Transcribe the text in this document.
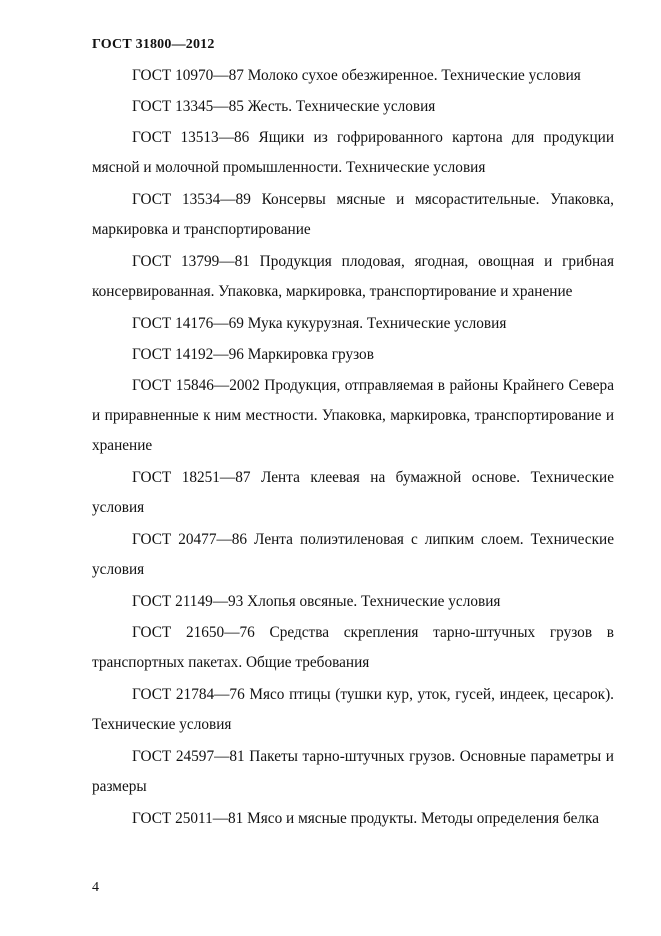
ГОСТ 31800—2012

ГОСТ 10970—87 Молоко сухое обезжиренное. Технические условия

ГОСТ 13345—85 Жесть. Технические условия

ГОСТ 13513—86 Ящики из гофрированного картона для продукции мясной и молочной промышленности. Технические условия

ГОСТ 13534—89 Консервы мясные и мясорастительные. Упаковка, маркировка и транспортирование

ГОСТ 13799—81 Продукция плодовая, ягодная, овощная и грибная консервированная. Упаковка, маркировка, транспортирование и хранение

ГОСТ 14176—69 Мука кукурузная. Технические условия

ГОСТ 14192—96 Маркировка грузов

ГОСТ 15846—2002 Продукция, отправляемая в районы Крайнего Севера и приравненные к ним местности. Упаковка, маркировка, транспортирование и хранение

ГОСТ 18251—87 Лента клеевая на бумажной основе. Технические условия

ГОСТ 20477—86 Лента полиэтиленовая с липким слоем. Технические условия

ГОСТ 21149—93 Хлопья овсяные. Технические условия

ГОСТ 21650—76 Средства скрепления тарно-штучных грузов в транспортных пакетах. Общие требования

ГОСТ 21784—76 Мясо птицы (тушки кур, уток, гусей, индеек, цесарок). Технические условия

ГОСТ 24597—81 Пакеты тарно-штучных грузов. Основные параметры и размеры

ГОСТ 25011—81 Мясо и мясные продукты. Методы определения белка

4
